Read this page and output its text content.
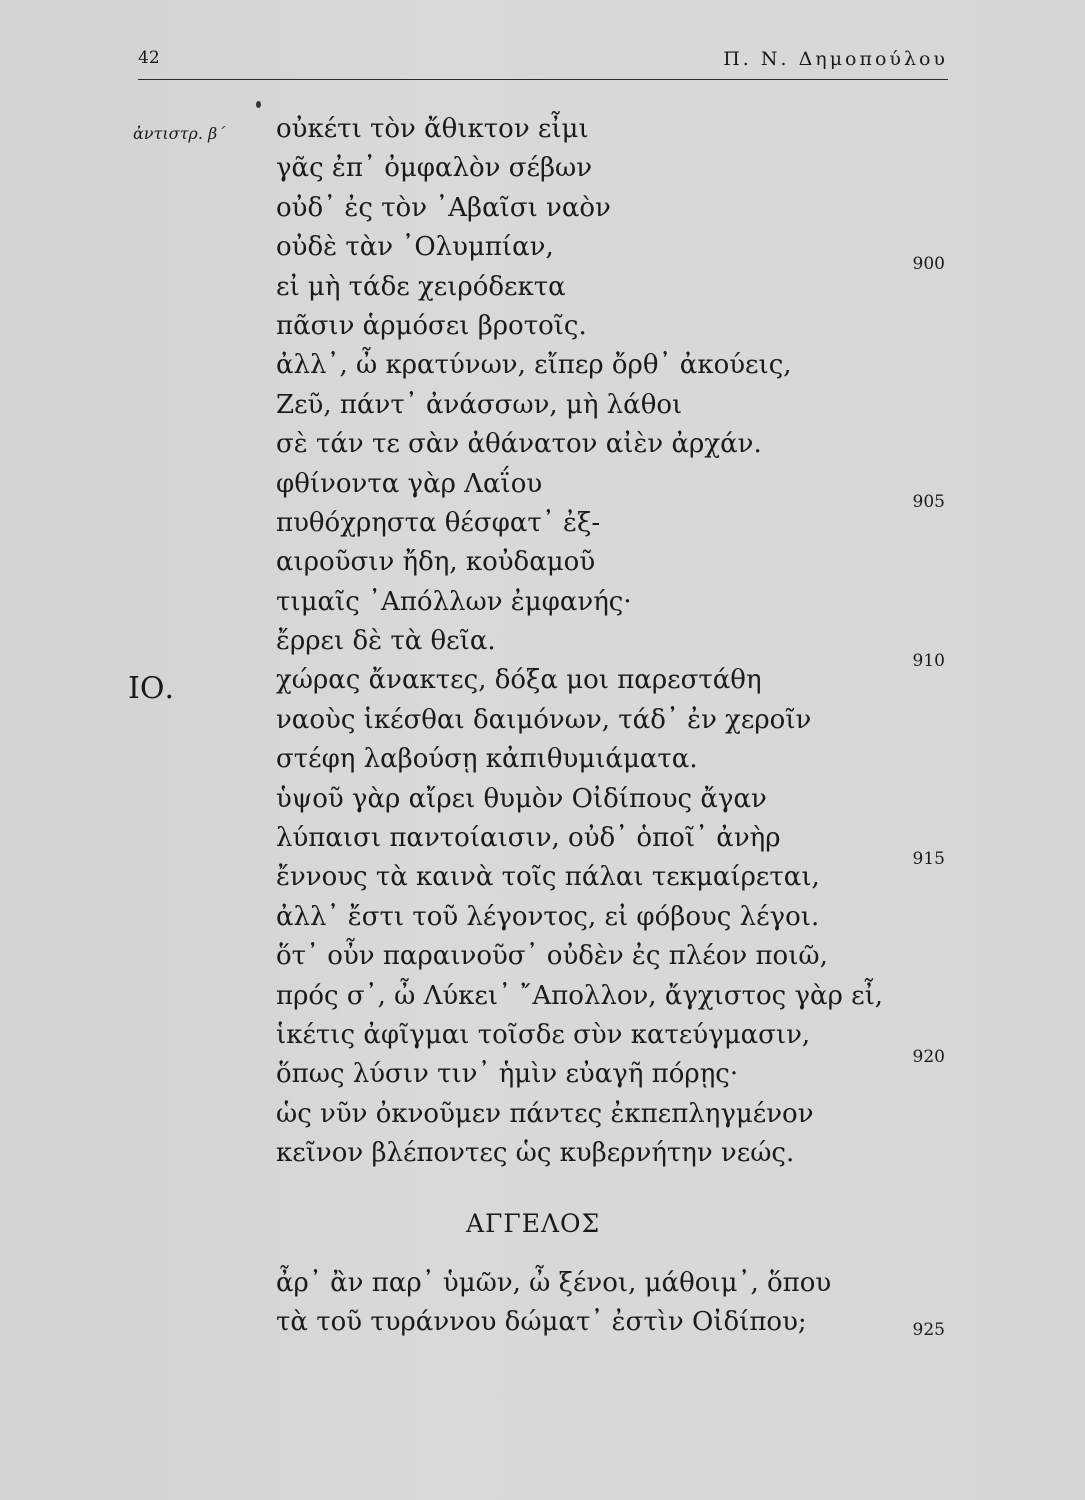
42	Π. Ν. Δημοπούλου
ἀντιστρ. β΄
ΙΟ.
οὐκέτι τὸν ἄθικτον εἶμι
γᾶς ἐπ᾽ ὀμφαλὸν σέβων
οὐδ᾽ ἐς τὸν ᾽Αβαῖσι ναὸν
οὐδὲ τὰν ᾽Ολυμπίαν,
εἰ μὴ τάδε χειρόδεκτα
πᾶσιν ἁρμόσει βροτοῖς.
ἀλλ᾽, ὦ κρατύνων, εἴπερ ὄρθ᾽ ἀκούεις,
Ζεῦ, πάντ᾽ ἀνάσσων, μὴ λάθοι
σὲ τάν τε σὰν ἀθάνατον αἰὲν ἀρχάν.
φθίνοντα γὰρ Λαΐου
πυθόχρηστα θέσφατ᾽ ἐξ-
αιροῦσιν ἤδη, κοὐδαμοῦ
τιμαῖς ᾽Απόλλων ἐμφανής·
ἔρρει δὲ τὰ θεῖα.
χώρας ἄνακτες, δόξα μοι παρεστάθη
ναοὺς ἱκέσθαι δαιμόνων, τάδ᾽ ἐν χεροῖν
στέφη λαβούσῃ κἀπιθυμιάματα.
ὑψοῦ γὰρ αἴρει θυμὸν Οἰδίπους ἄγαν
λύπαισι παντοίαισιν, οὐδ᾽ ὁποῖ᾽ ἀνὴρ
ἔννους τὰ καινὰ τοῖς πάλαι τεκμαίρεται,
ἀλλ᾽ ἔστι τοῦ λέγοντος, εἰ φόβους λέγοι.
ὅτ᾽ οὖν παραινοῦσ᾽ οὐδὲν ἐς πλέον ποιῶ,
πρός σ᾽, ὦ Λύκει᾽ ῎Απολλον, ἄγχιστος γὰρ εἶ,
ἱκέτις ἀφῖγμαι τοῖσδε σὺν κατεύγμασιν,
ὅπως λύσιν τιν᾽ ἡμὶν εὐαγῆ πόρῃς·
ὡς νῦν ὀκνοῦμεν πάντες ἐκπεπληγμένον
κεῖνον βλέποντες ὡς κυβερνήτην νεώς.
900
905
910
915
920
ΑΓΓΕΛΟΣ
ἆρ᾽ ἂν παρ᾽ ὑμῶν, ὦ ξένοι, μάθοιμ᾽, ὅπου
τὰ τοῦ τυράννου δώματ᾽ ἐστὶν Οἰδίπου;	925
